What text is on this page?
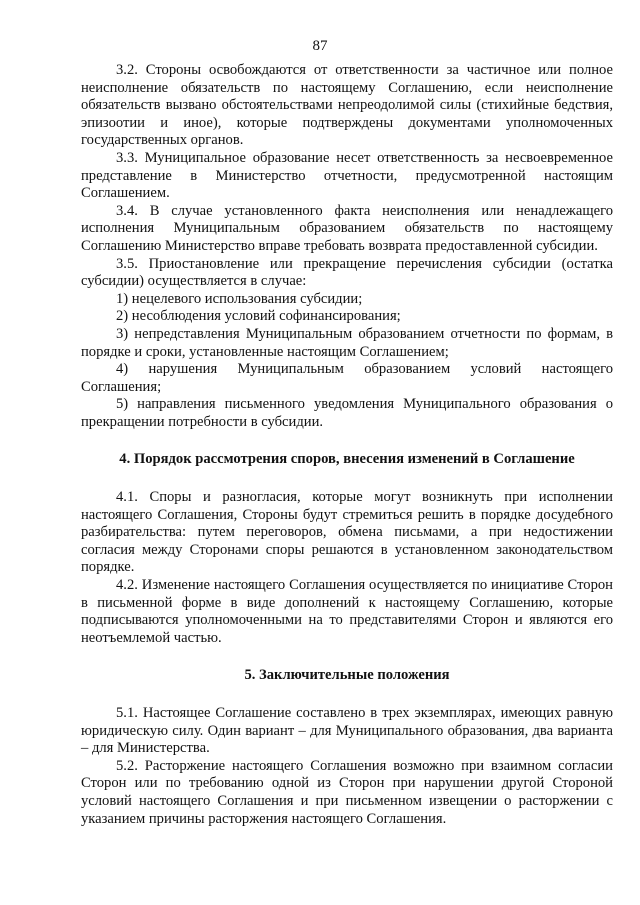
87

3.2. Стороны освобождаются от ответственности за частичное или полное неисполнение обязательств по настоящему Соглашению, если неисполнение обязательств вызвано обстоятельствами непреодолимой силы (стихийные бедствия, эпизоотии и иное), которые подтверждены документами уполномоченных государственных органов.

3.3. Муниципальное образование несет ответственность за несвоевременное представление в Министерство отчетности, предусмотренной настоящим Соглашением.

3.4. В случае установленного факта неисполнения или ненадлежащего исполнения Муниципальным образованием обязательств по настоящему Соглашению Министерство вправе требовать возврата предоставленной субсидии.

3.5. Приостановление или прекращение перечисления субсидии (остатка субсидии) осуществляется в случае:

1) нецелевого использования субсидии;

2) несоблюдения условий софинансирования;

3) непредставления Муниципальным образованием отчетности по формам, в порядке и сроки, установленные настоящим Соглашением;

4) нарушения Муниципальным образованием условий настоящего Соглашения;

5) направления письменного уведомления Муниципального образования о прекращении потребности в субсидии.

4. Порядок рассмотрения споров, внесения изменений в Соглашение

4.1. Споры и разногласия, которые могут возникнуть при исполнении настоящего Соглашения, Стороны будут стремиться решить в порядке досудебного разбирательства: путем переговоров, обмена письмами, а при недостижении согласия между Сторонами споры решаются в установленном законодательством порядке.

4.2. Изменение настоящего Соглашения осуществляется по инициативе Сторон в письменной форме в виде дополнений к настоящему Соглашению, которые подписываются уполномоченными на то представителями Сторон и являются его неотъемлемой частью.

5. Заключительные положения

5.1. Настоящее Соглашение составлено в трех экземплярах, имеющих равную юридическую силу. Один вариант – для Муниципального образования, два варианта – для Министерства.

5.2. Расторжение настоящего Соглашения возможно при взаимном согласии Сторон или по требованию одной из Сторон при нарушении другой Стороной условий настоящего Соглашения и при письменном извещении о расторжении с указанием причины расторжения настоящего Соглашения.
